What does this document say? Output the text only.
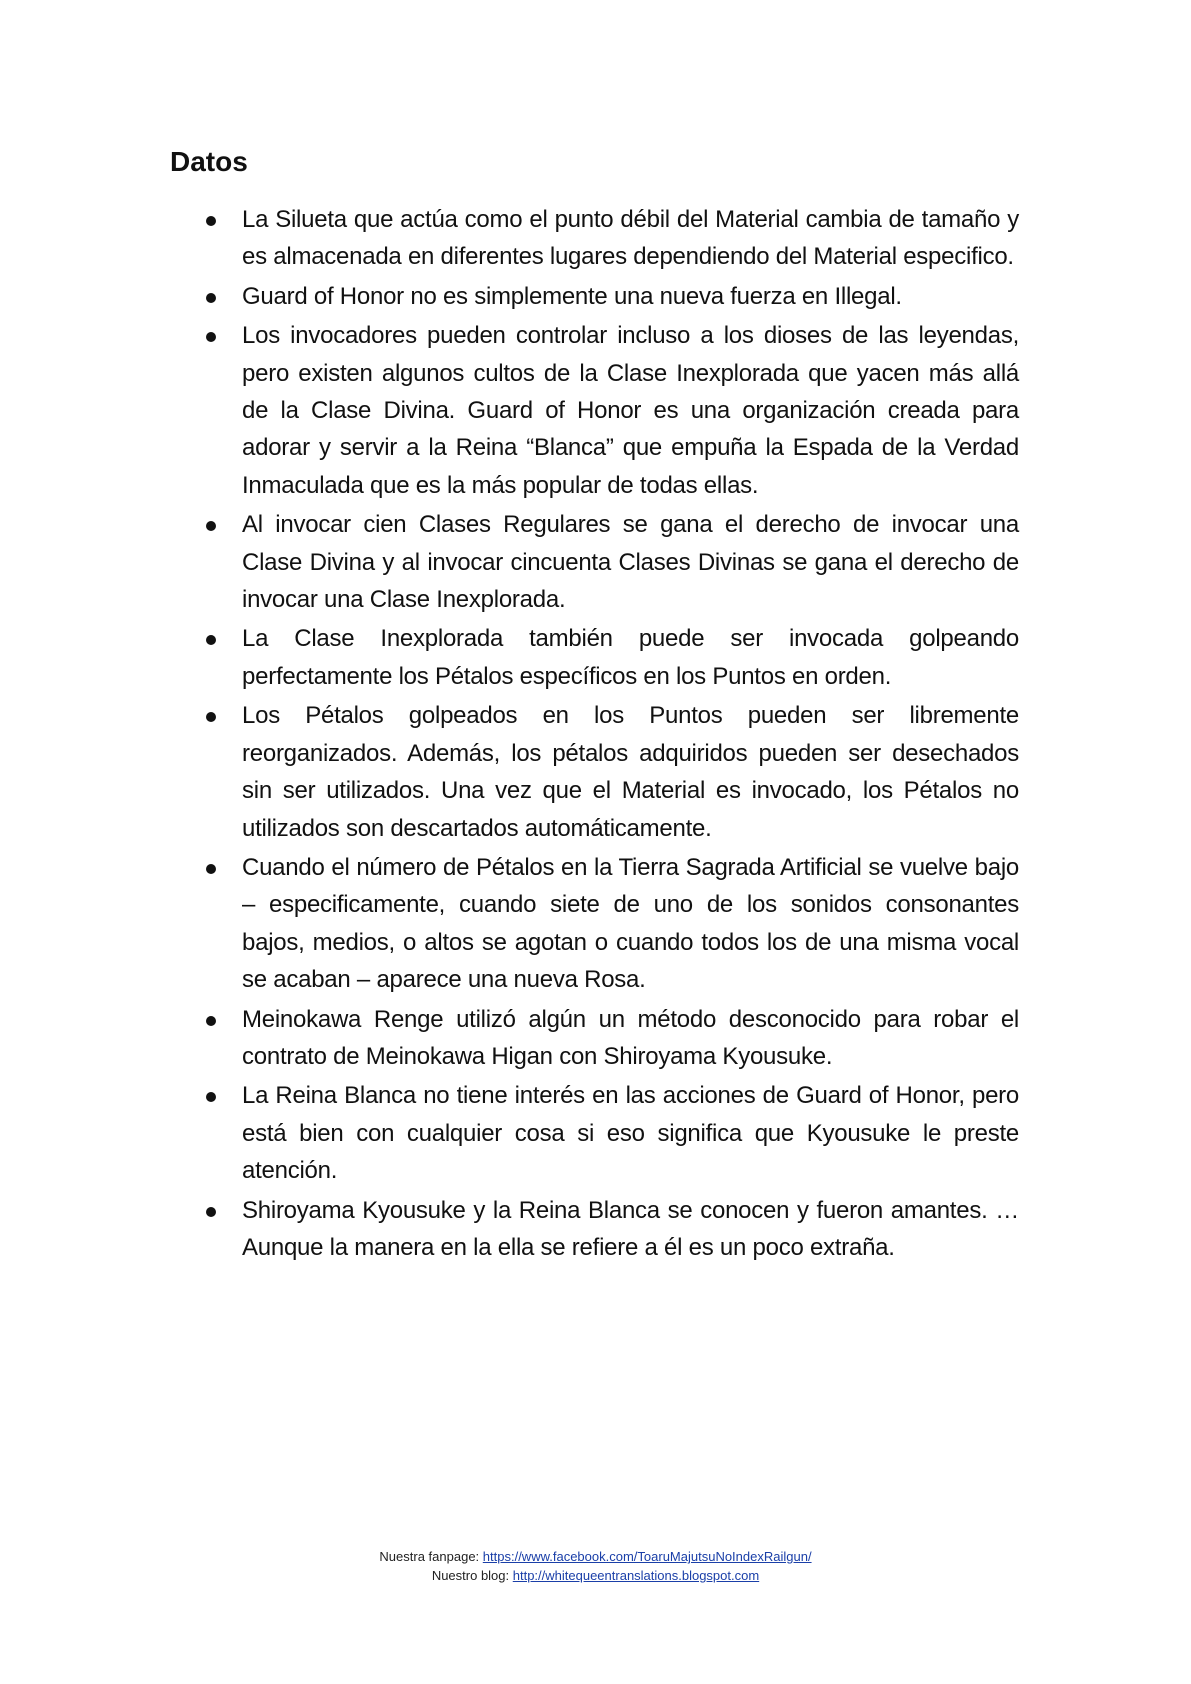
Datos
La Silueta que actúa como el punto débil del Material cambia de tamaño y es almacenada en diferentes lugares dependiendo del Material especifico.
Guard of Honor no es simplemente una nueva fuerza en Illegal.
Los invocadores pueden controlar incluso a los dioses de las leyendas, pero existen algunos cultos de la Clase Inexplorada que yacen más allá de la Clase Divina. Guard of Honor es una organización creada para adorar y servir a la Reina “Blanca” que empuña la Espada de la Verdad Inmaculada que es la más popular de todas ellas.
Al invocar cien Clases Regulares se gana el derecho de invocar una Clase Divina y al invocar cincuenta Clases Divinas se gana el derecho de invocar una Clase Inexplorada.
La Clase Inexplorada también puede ser invocada golpeando perfectamente los Pétalos específicos en los Puntos en orden.
Los Pétalos golpeados en los Puntos pueden ser libremente reorganizados. Además, los pétalos adquiridos pueden ser desechados sin ser utilizados. Una vez que el Material es invocado, los Pétalos no utilizados son descartados automáticamente.
Cuando el número de Pétalos en la Tierra Sagrada Artificial se vuelve bajo – especificamente, cuando siete de uno de los sonidos consonantes bajos, medios, o altos se agotan o cuando todos los de una misma vocal se acaban – aparece una nueva Rosa.
Meinokawa Renge utilizó algún un método desconocido para robar el contrato de Meinokawa Higan con Shiroyama Kyousuke.
La Reina Blanca no tiene interés en las acciones de Guard of Honor, pero está bien con cualquier cosa si eso significa que Kyousuke le preste atención.
Shiroyama Kyousuke y la Reina Blanca se conocen y fueron amantes. … Aunque la manera en la ella se refiere a él es un poco extraña.
Nuestra fanpage: https://www.facebook.com/ToaruMajutsuNoIndexRailgun/
Nuestro blog: http://whitequeentranslations.blogspot.com
